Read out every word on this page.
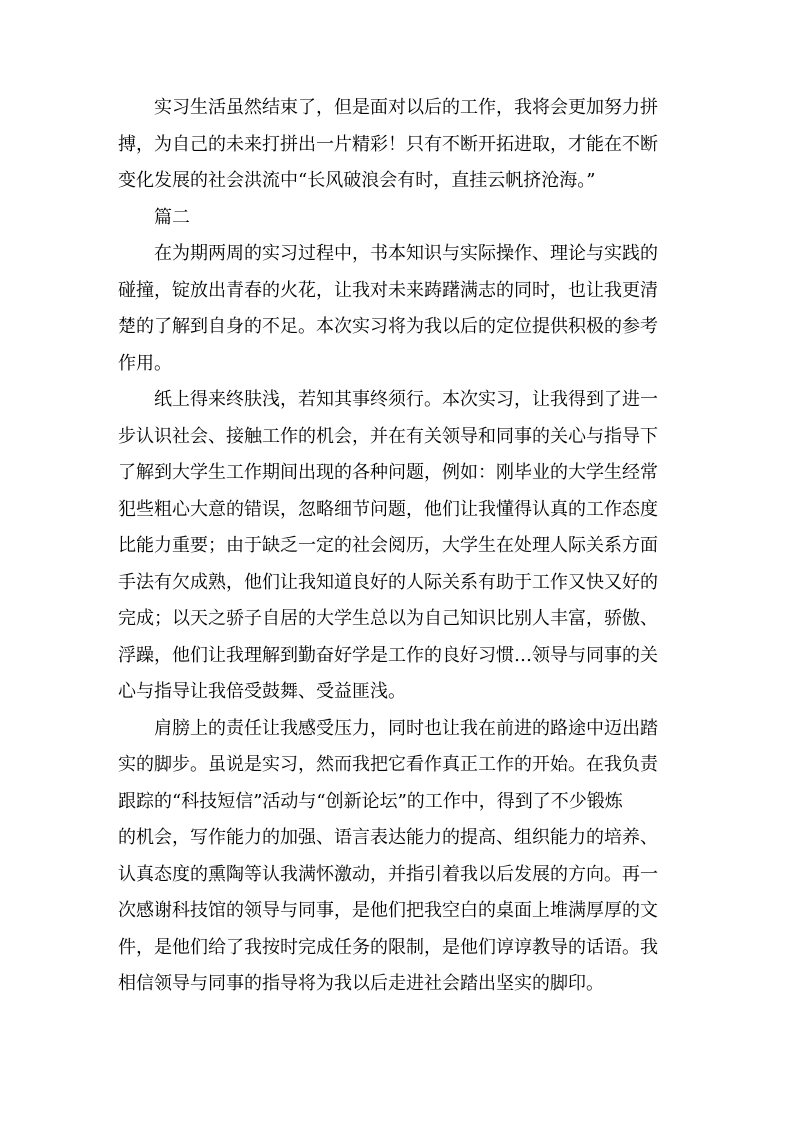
实习生活虽然结束了，但是面对以后的工作，我将会更加努力拼
搏，为自己的未来打拼出一片精彩！只有不断开拓进取，才能在不断
变化发展的社会洪流中“长风破浪会有时，直挂云帆挤沧海。”
篇二
在为期两周的实习过程中，书本知识与实际操作、理论与实践的
碰撞，锭放出青春的火花，让我对未来踌躇满志的同时，也让我更清
楚的了解到自身的不足。本次实习将为我以后的定位提供积极的参考
作用。
纸上得来终肤浅，若知其事终须行。本次实习，让我得到了进一
步认识社会、接触工作的机会，并在有关领导和同事的关心与指导下
了解到大学生工作期间出现的各种问题，例如：刚毕业的大学生经常
犯些粗心大意的错误，忽略细节问题，他们让我懂得认真的工作态度
比能力重要；由于缺乏一定的社会阅历，大学生在处理人际关系方面
手法有欠成熟，他们让我知道良好的人际关系有助于工作又快又好的
完成；以天之骄子自居的大学生总以为自己知识比别人丰富，骄傲、
浮躁，他们让我理解到勤奋好学是工作的良好习惯…领导与同事的关
心与指导让我倍受鼓舞、受益匪浅。
肩膀上的责任让我感受压力，同时也让我在前进的路途中迈出踏
实的脚步。虽说是实习，然而我把它看作真正工作的开始。在我负责
跟踪的“科技短信”活动与“创新论坛”的工作中，得到了不少锻炼
的机会，写作能力的加强、语言表达能力的提高、组织能力的培养、
认真态度的熏陶等认我满怀激动，并指引着我以后发展的方向。再一
次感谢科技馆的领导与同事，是他们把我空白的桌面上堆满厚厚的文
件，是他们给了我按时完成任务的限制，是他们谆谆教导的话语。我
相信领导与同事的指导将为我以后走进社会踏出坚实的脚印。
